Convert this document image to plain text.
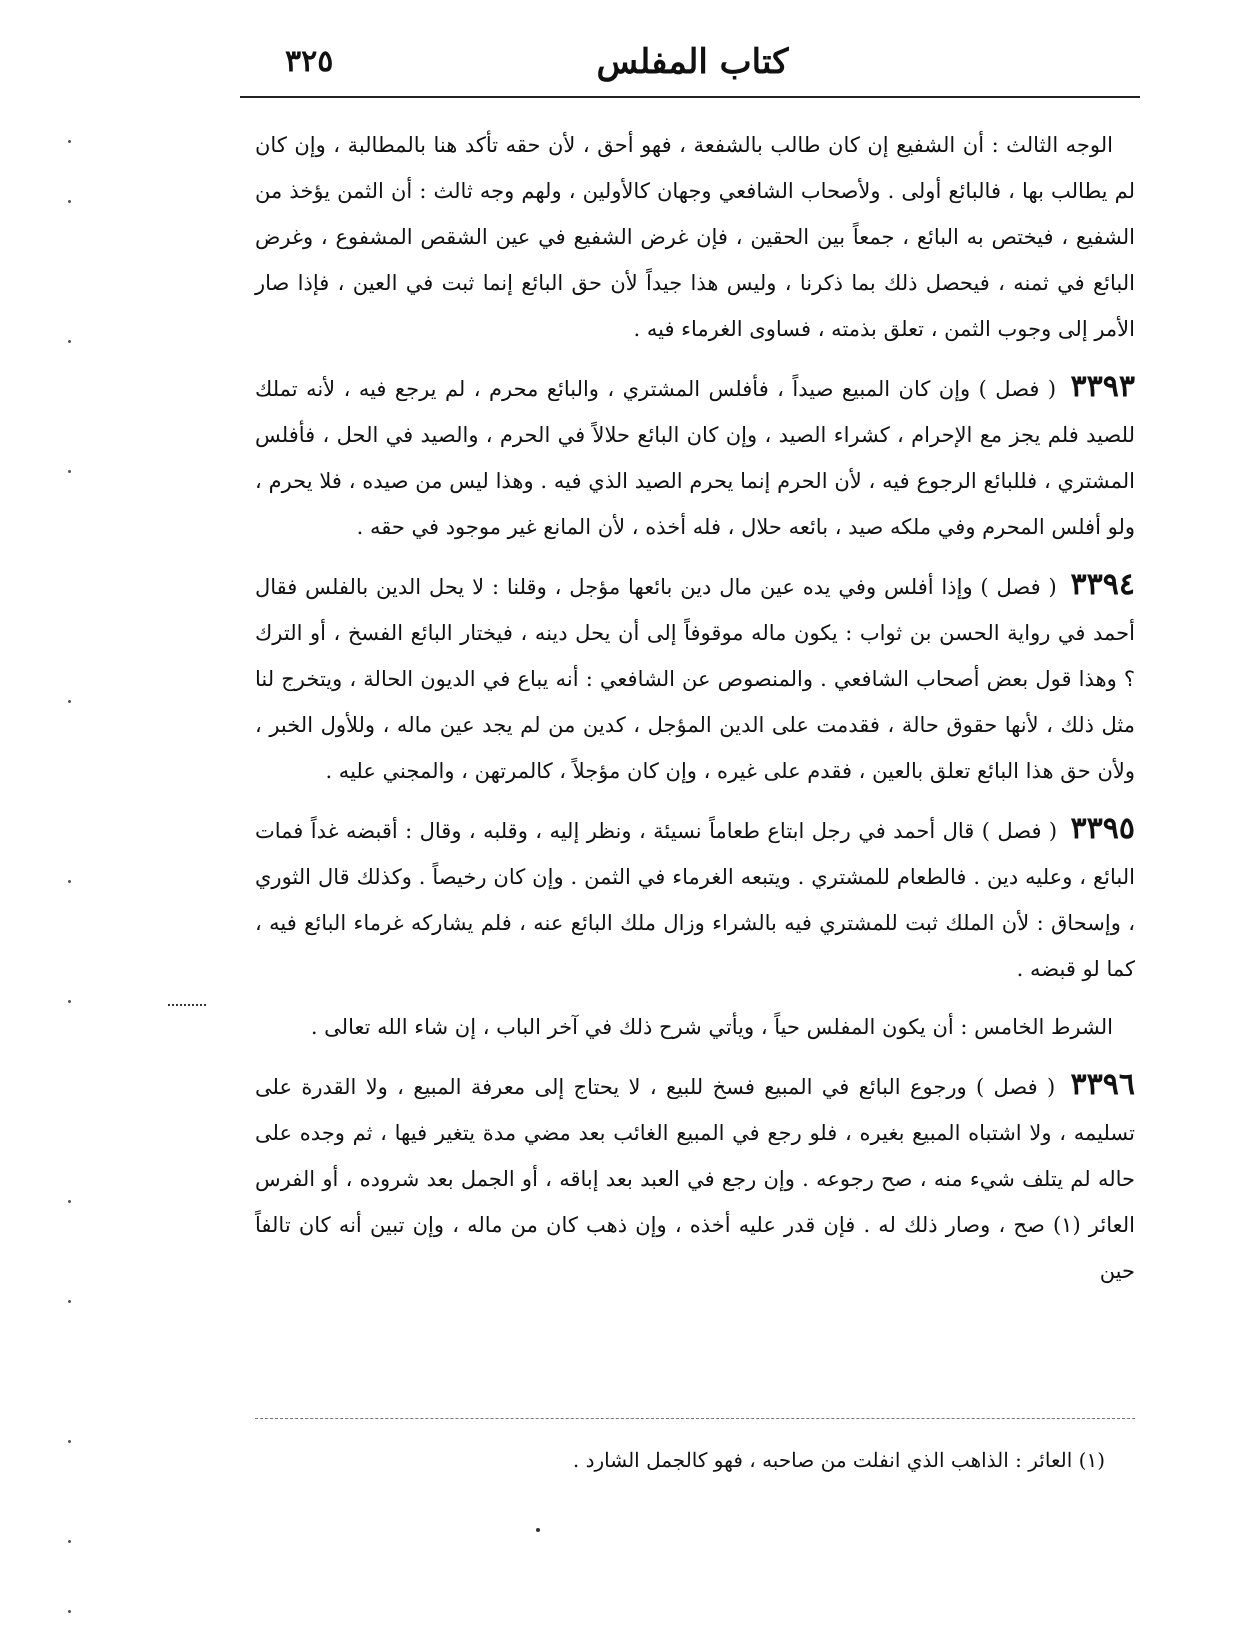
كتاب المفلس
٣٢٥

الوجه الثالث : أن الشفيع إن كان طالب بالشفعة ، فهو أحق ، لأن حقه تأكد هنا بالمطالبة ، وإن كان لم يطالب بها ، فالبائع أولى . ولأصحاب الشافعي وجهان كالأولين ، ولهم وجه ثالث : أن الثمن يؤخذ من الشفيع ، فيختص به البائع ، جمعاً بين الحقين ، فإن غرض الشفيع في عين الشقص المشفوع ، وغرض البائع في ثمنه ، فيحصل ذلك بما ذكرنا ، وليس هذا جيداً لأن حق البائع إنما ثبت في العين ، فإذا صار الأمر إلى وجوب الثمن ، تعلق بذمته ، فساوى الغرماء فيه .

٣٣٩٣ ( فصل ) وإن كان المبيع صيداً ، فأفلس المشتري ، والبائع محرم ، لم يرجع فيه ، لأنه تملك للصيد فلم يجز مع الإحرام ، كشراء الصيد ، وإن كان البائع حلالاً في الحرم ، والصيد في الحل ، فأفلس المشتري ، فللبائع الرجوع فيه ، لأن الحرم إنما يحرم الصيد الذي فيه . وهذا ليس من صيده ، فلا يحرم ، ولو أفلس المحرم وفي ملكه صيد ، بائعه حلال ، فله أخذه ، لأن المانع غير موجود في حقه .

٣٣٩٤ ( فصل ) وإذا أفلس وفي يده عين مال دين بائعها مؤجل ، وقلنا : لا يحل الدين بالفلس فقال أحمد في رواية الحسن بن ثواب : يكون ماله موقوفاً إلى أن يحل دينه ، فيختار البائع الفسخ ، أو الترك ؟ وهذا قول بعض أصحاب الشافعي . والمنصوص عن الشافعي : أنه يباع في الديون الحالة ، ويتخرج لنا مثل ذلك ، لأنها حقوق حالة ، فقدمت على الدين المؤجل ، كدين من لم يجد عين ماله ، وللأول الخبر ، ولأن حق هذا البائع تعلق بالعين ، فقدم على غيره ، وإن كان مؤجلاً ، كالمرتهن ، والمجني عليه .

٣٣٩٥ ( فصل ) قال أحمد في رجل ابتاع طعاماً نسيئة ، ونظر إليه ، وقلبه ، وقال : أقبضه غداً فمات البائع ، وعليه دين . فالطعام للمشتري . ويتبعه الغرماء في الثمن . وإن كان رخيصاً . وكذلك قال الثوري ، وإسحاق : لأن الملك ثبت للمشتري فيه بالشراء وزال ملك البائع عنه ، فلم يشاركه غرماء البائع فيه ، كما لو قبضه .

الشرط الخامس : أن يكون المفلس حياً ، ويأتي شرح ذلك في آخر الباب ، إن شاء الله تعالى .

٣٣٩٦ ( فصل ) ورجوع البائع في المبيع فسخ للبيع ، لا يحتاج إلى معرفة المبيع ، ولا القدرة على تسليمه ، ولا اشتباه المبيع بغيره ، فلو رجع في المبيع الغائب بعد مضي مدة يتغير فيها ، ثم وجده على حاله لم يتلف شيء منه ، صح رجوعه . وإن رجع في العبد بعد إباقه ، أو الجمل بعد شروده ، أو الفرس العائر (١) صح ، وصار ذلك له . فإن قدر عليه أخذه ، وإن ذهب كان من ماله ، وإن تبين أنه كان تالفاً حين

(١) العائر : الذاهب الذي انفلت من صاحبه ، فهو كالجمل الشارد .
